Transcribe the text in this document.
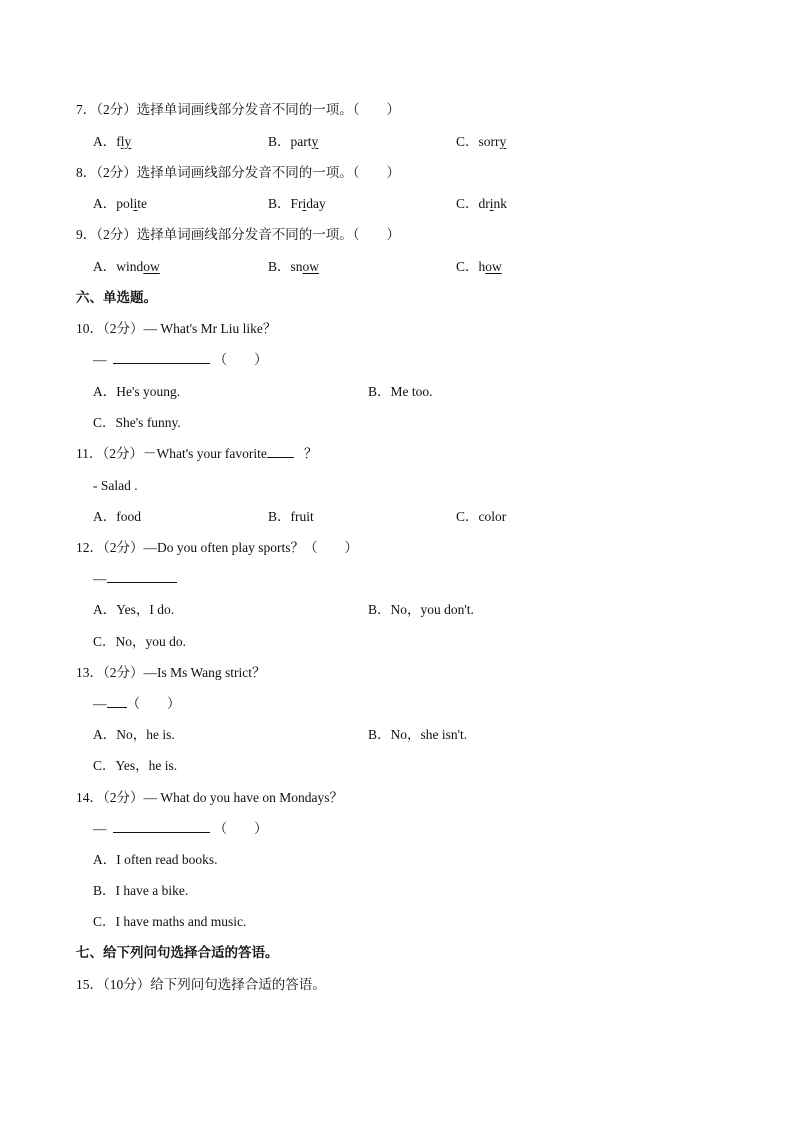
7．（2分）选择单词画线部分发音不同的一项。（　　）
A．fly	B．party	C．sorry
8．（2分）选择单词画线部分发音不同的一项。（　　）
A．polite	B．Friday	C．drink
9．（2分）选择单词画线部分发音不同的一项。（　　）
A．window	B．snow	C．how
六、单选题。
10．（2分）— What's Mr Liu like？
—	（　　）
A．He's young.	B．Me too.
C．She's funny.
11．（2分）－What's your favorite	？
- Salad .
A．food	B．fruit	C．color
12．（2分）—Do you often play sports？（　　）
—
A．Yes，I do.	B．No，you don't.
C．No，you do.
13．（2分）—Is Ms Wang strict？
— （　　）
A．No，he is.	B．No，she isn't.
C．Yes，he is.
14．（2分）— What do you have on Mondays？
—	（　　）
A．I often read books.
B．I have a bike.
C．I have maths and music.
七、给下列问句选择合适的答语。
15．（10分）给下列问句选择合适的答语。
